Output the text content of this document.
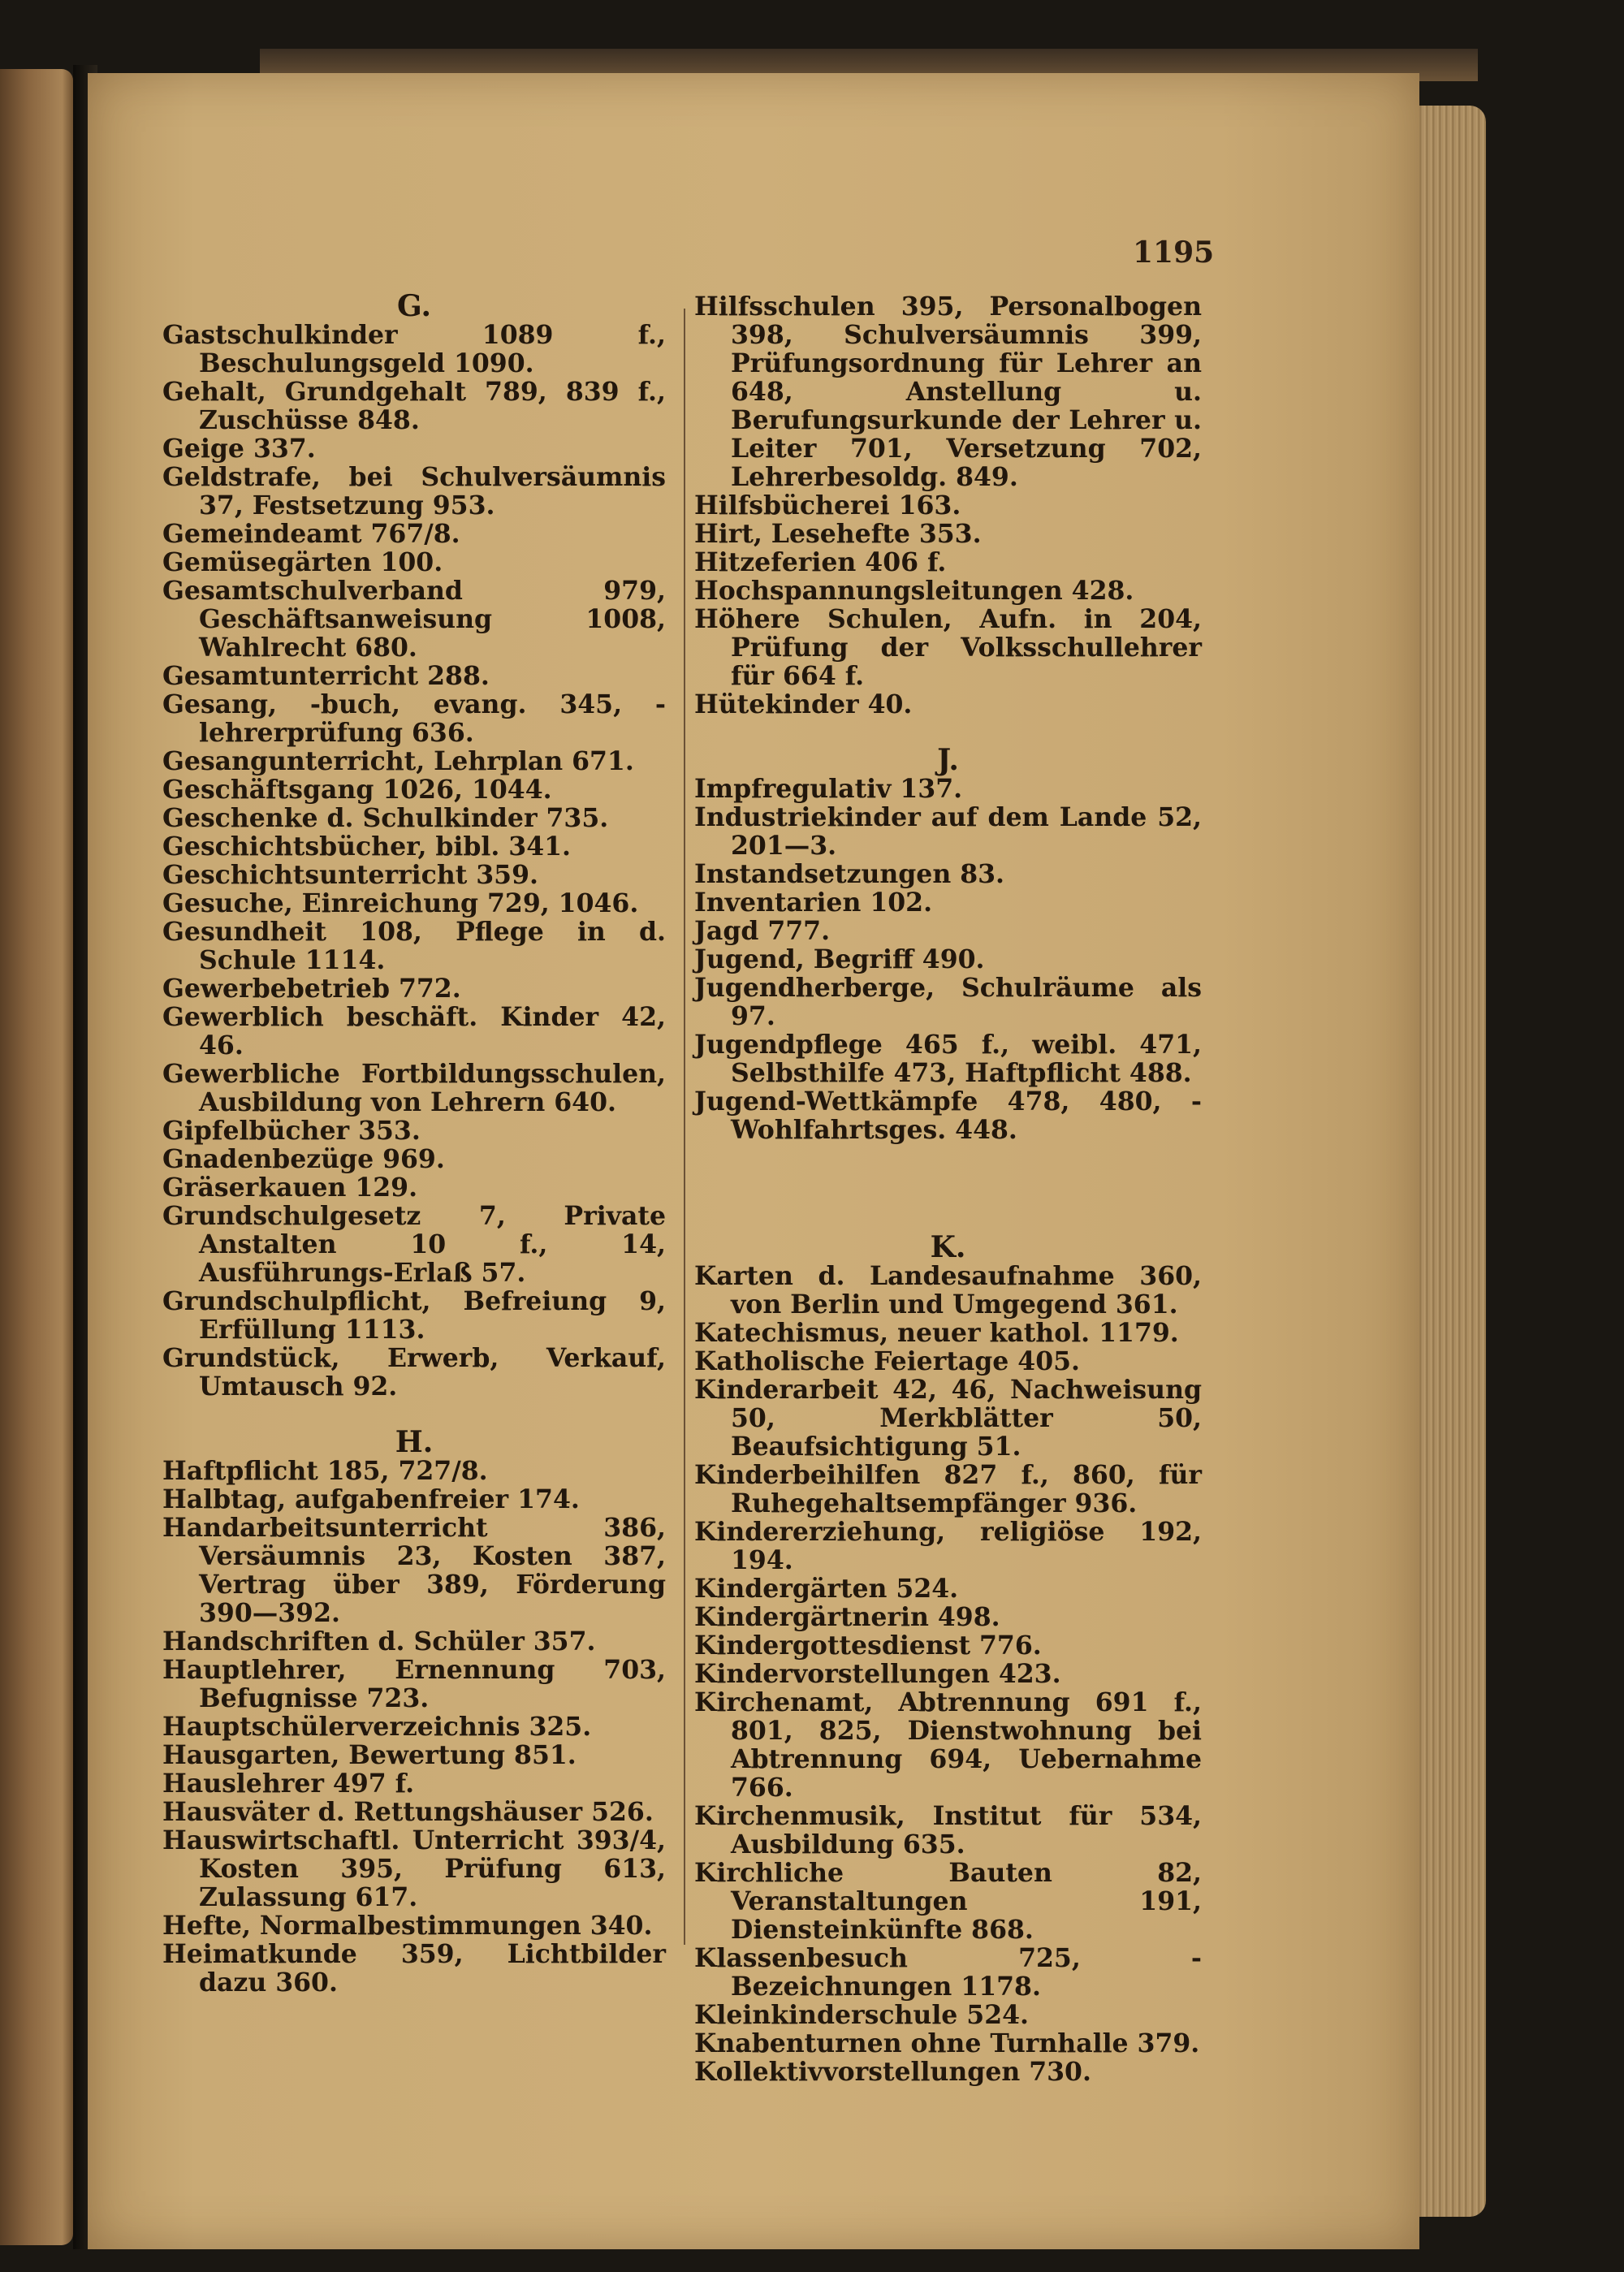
1195

G.

Gastschulkinder 1089 f., Beschulungsgeld 1090.

Gehalt, Grundgehalt 789, 839 f., Zuschüsse 848.

Geige 337.

Geldstrafe, bei Schulversäumnis 37, Festsetzung 953.

Gemeindeamt 767/8.

Gemüsegärten 100.

Gesamtschulverband 979, Geschäftsanweisung 1008, Wahlrecht 680.

Gesamtunterricht 288.

Gesang, -buch, evang. 345, -lehrerprüfung 636.

Gesangunterricht, Lehrplan 671.

Geschäftsgang 1026, 1044.

Geschenke d. Schulkinder 735.

Geschichtsbücher, bibl. 341.

Geschichtsunterricht 359.

Gesuche, Einreichung 729, 1046.

Gesundheit 108, Pflege in d. Schule 1114.

Gewerbebetrieb 772.

Gewerblich beschäft. Kinder 42, 46.

Gewerbliche Fortbildungsschulen, Ausbildung von Lehrern 640.

Gipfelbücher 353.

Gnadenbezüge 969.

Gräserkauen 129.

Grundschulgesetz 7, Private Anstalten 10 f., 14, Ausführungs-Erlaß 57.

Grundschulpflicht, Befreiung 9, Erfüllung 1113.

Grundstück, Erwerb, Verkauf, Umtausch 92.

H.

Haftpflicht 185, 727/8.

Halbtag, aufgabenfreier 174.

Handarbeitsunterricht 386, Versäumnis 23, Kosten 387, Vertrag über 389, Förderung 390—392.

Handschriften d. Schüler 357.

Hauptlehrer, Ernennung 703, Befugnisse 723.

Hauptschülerverzeichnis 325.

Hausgarten, Bewertung 851.

Hauslehrer 497 f.

Hausväter d. Rettungshäuser 526.

Hauswirtschaftl. Unterricht 393/4, Kosten 395, Prüfung 613, Zulassung 617.

Hefte, Normalbestimmungen 340.

Heimatkunde 359, Lichtbilder dazu 360.

Hilfsschulen 395, Personalbogen 398, Schulversäumnis 399, Prüfungsordnung für Lehrer an 648, Anstellung u. Berufungsurkunde der Lehrer u. Leiter 701, Versetzung 702, Lehrerbesoldg. 849.

Hilfsbücherei 163.

Hirt, Lesehefte 353.

Hitzeferien 406 f.

Hochspannungsleitungen 428.

Höhere Schulen, Aufn. in 204, Prüfung der Volksschullehrer für 664 f.

Hütekinder 40.

J.

Impfregulativ 137.

Industriekinder auf dem Lande 52, 201—3.

Instandsetzungen 83.

Inventarien 102.

Jagd 777.

Jugend, Begriff 490.

Jugendherberge, Schulräume als 97.

Jugendpflege 465 f., weibl. 471, Selbsthilfe 473, Haftpflicht 488.

Jugend-Wettkämpfe 478, 480, -Wohlfahrtsges. 448.

K.

Karten d. Landesaufnahme 360, von Berlin und Umgegend 361.

Katechismus, neuer kathol. 1179.

Katholische Feiertage 405.

Kinderarbeit 42, 46, Nachweisung 50, Merkblätter 50, Beaufsichtigung 51.

Kinderbeihilfen 827 f., 860, für Ruhegehaltsempfänger 936.

Kindererziehung, religiöse 192, 194.

Kindergärten 524.

Kindergärtnerin 498.

Kindergottesdienst 776.

Kindervorstellungen 423.

Kirchenamt, Abtrennung 691 f., 801, 825, Dienstwohnung bei Abtrennung 694, Uebernahme 766.

Kirchenmusik, Institut für 534, Ausbildung 635.

Kirchliche Bauten 82, Veranstaltungen 191, Diensteinkünfte 868.

Klassenbesuch 725, -Bezeichnungen 1178.

Kleinkinderschule 524.

Knabenturnen ohne Turnhalle 379.

Kollektivvorstellungen 730.
